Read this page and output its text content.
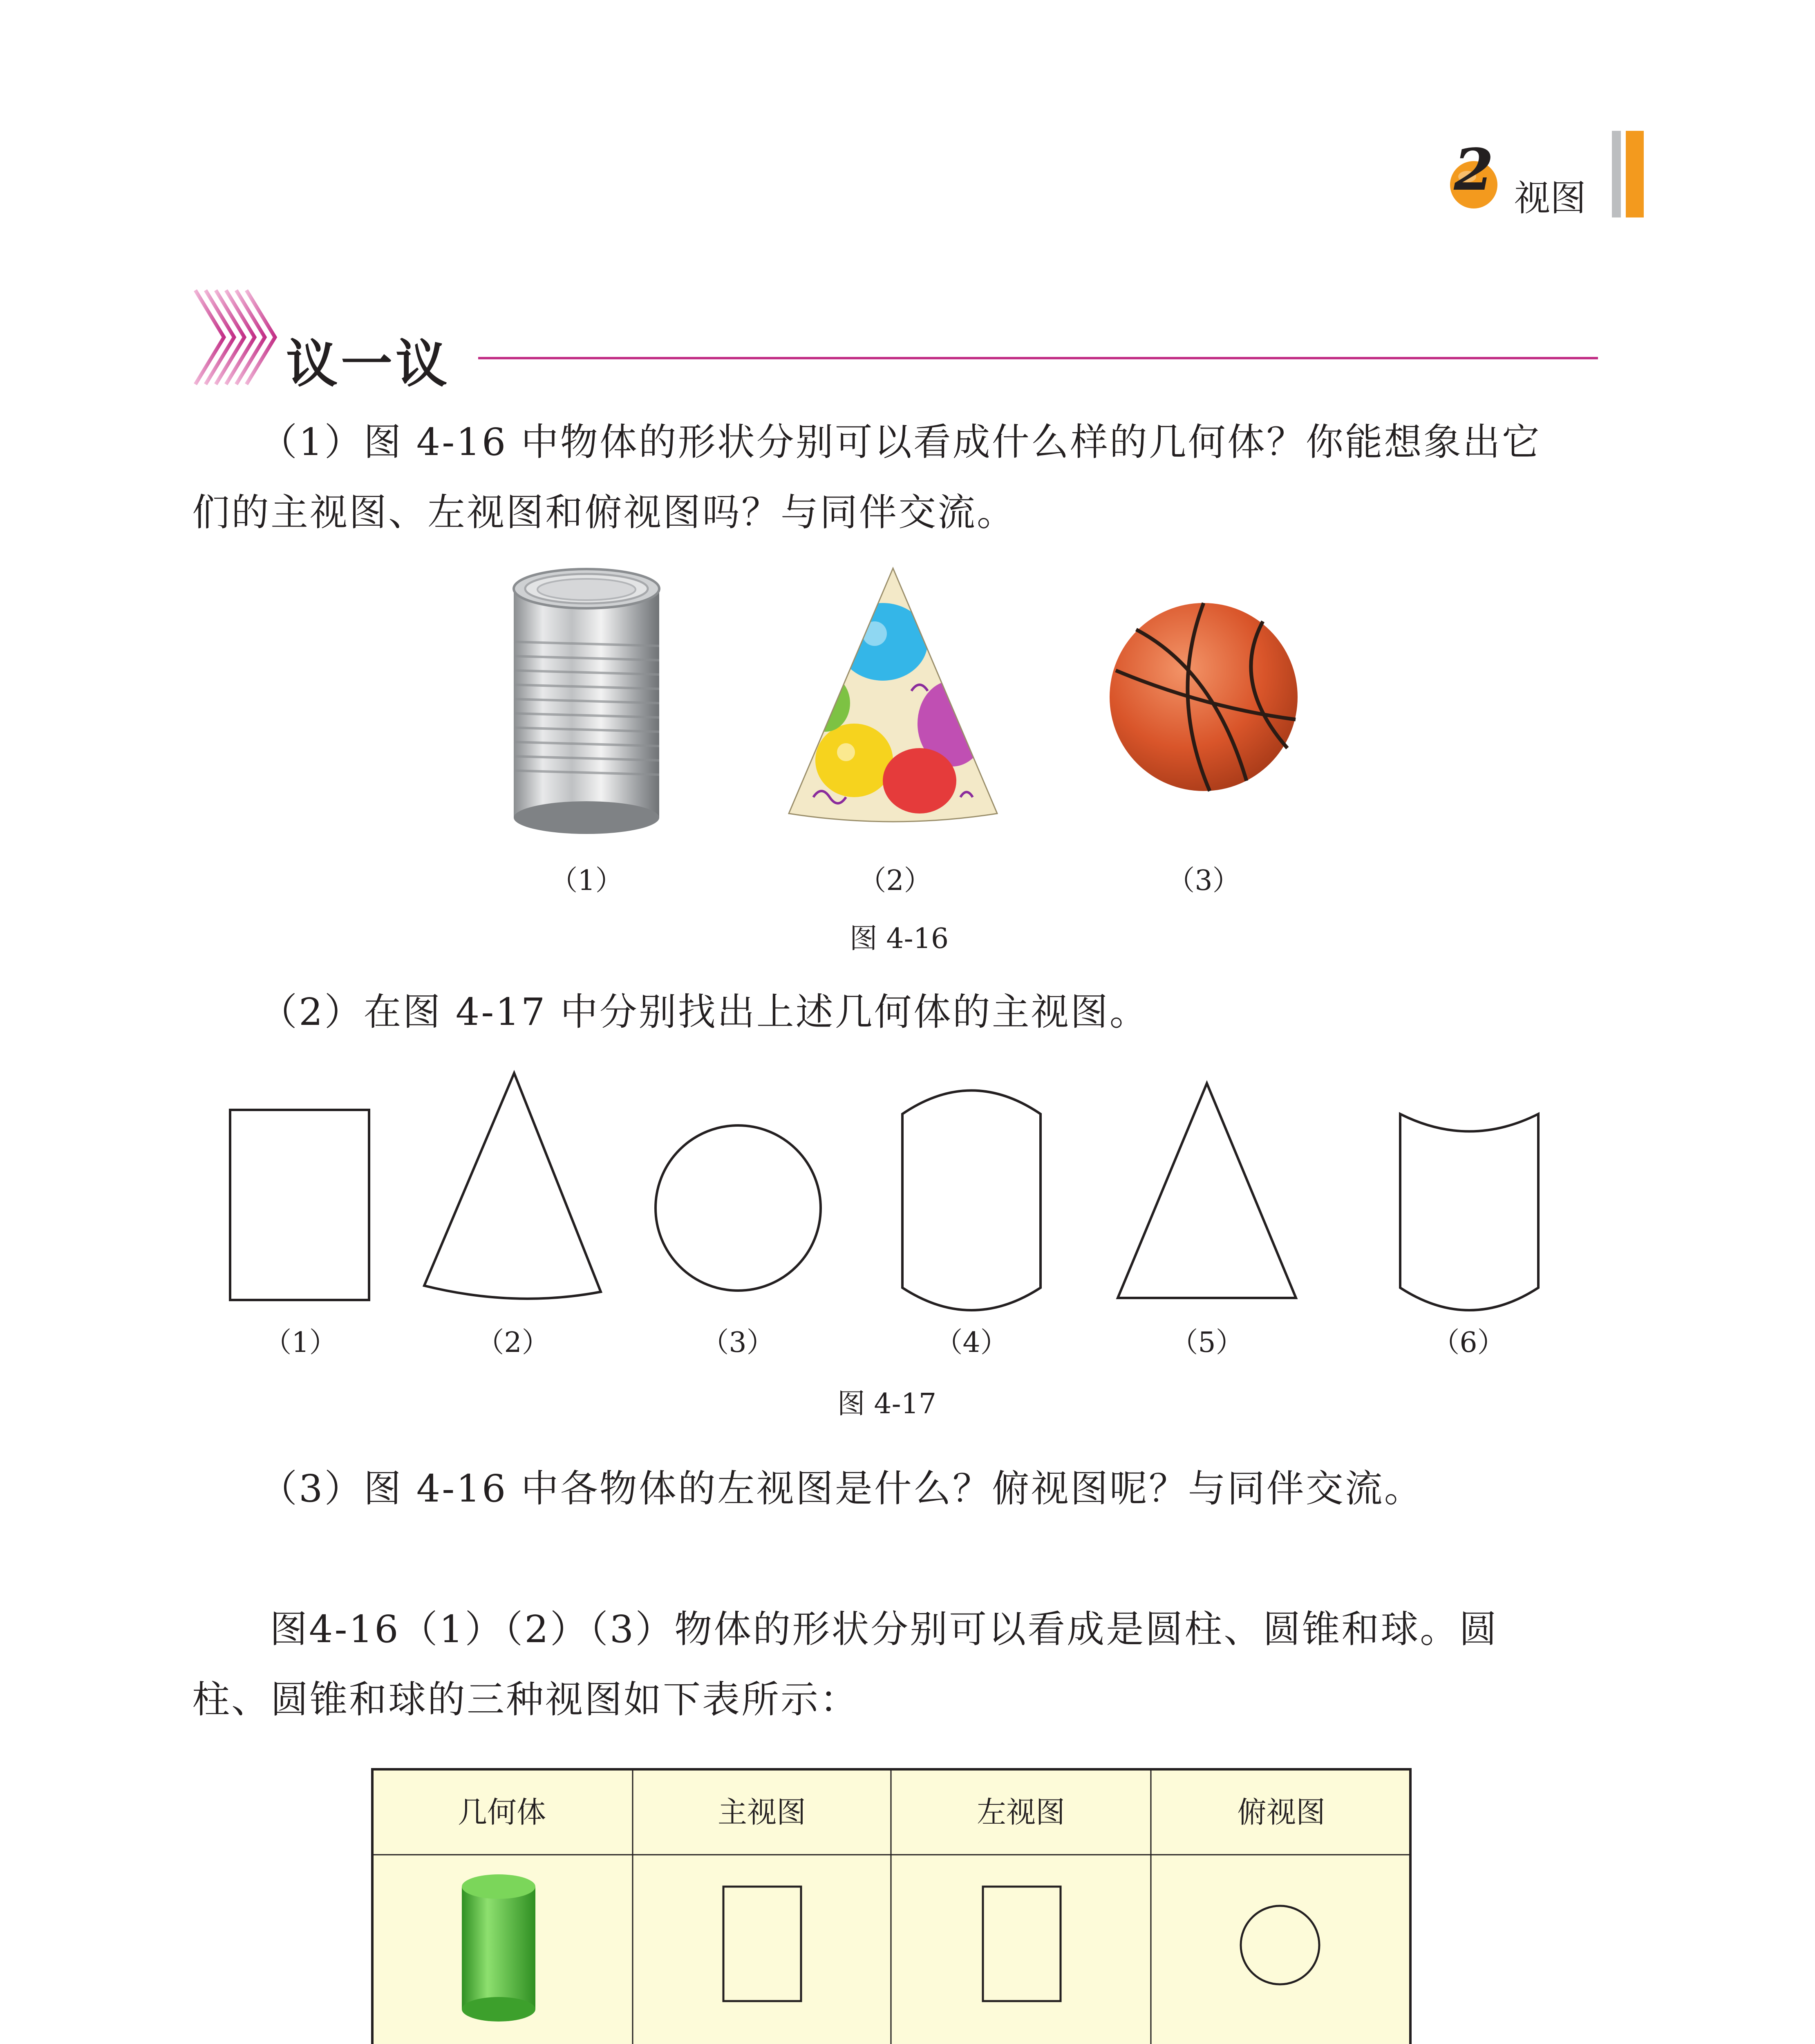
2 视图
议一议
（1）图 4-16 中物体的形状分别可以看成什么样的几何体？你能想象出它
们的主视图、左视图和俯视图吗？与同伴交流。
（1）	（2）	（3）
图 4-16
（2）在图 4-17 中分别找出上述几何体的主视图。
（1）	（2）	（3）	（4）	（5）	（6）
图 4-17
（3）图 4-16 中各物体的左视图是什么？俯视图呢？与同伴交流。
图4-16（1）（2）（3）物体的形状分别可以看成是圆柱、圆锥和球。圆
柱、圆锥和球的三种视图如下表所示：
几何体	主视图	左视图	俯视图
